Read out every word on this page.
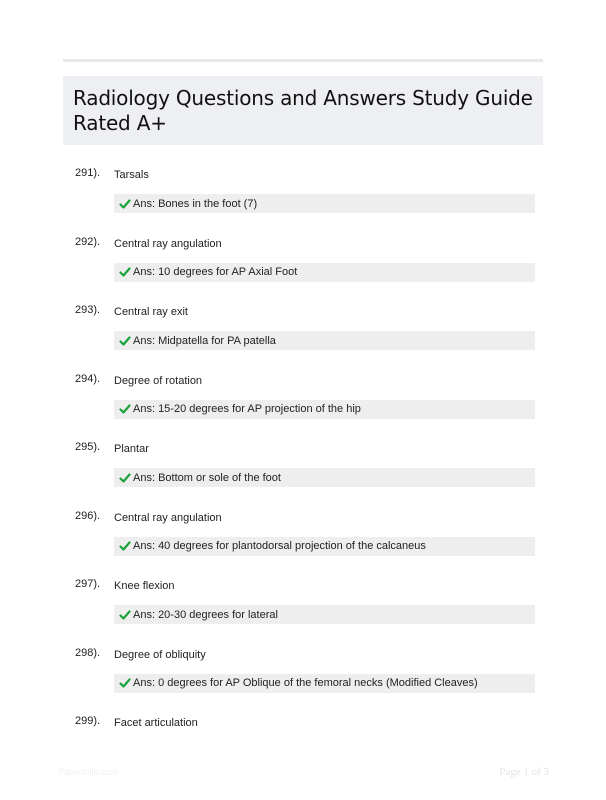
Radiology Questions and Answers Study Guide Rated A+
291). Tarsals
Ans: Bones in the foot (7)
292). Central ray angulation
Ans: 10 degrees for AP Axial Foot
293). Central ray exit
Ans: Midpatella for PA patella
294). Degree of rotation
Ans: 15-20 degrees for AP projection of the hip
295). Plantar
Ans: Bottom or sole of the foot
296). Central ray angulation
Ans: 40 degrees for plantodorsal projection of the calcaneus
297). Knee flexion
Ans: 20-30 degrees for lateral
298). Degree of obliquity
Ans: 0 degrees for AP Oblique of the femoral necks (Modified Cleaves)
299). Facet articulation
Paperfolio.com	Page 1 of 3
